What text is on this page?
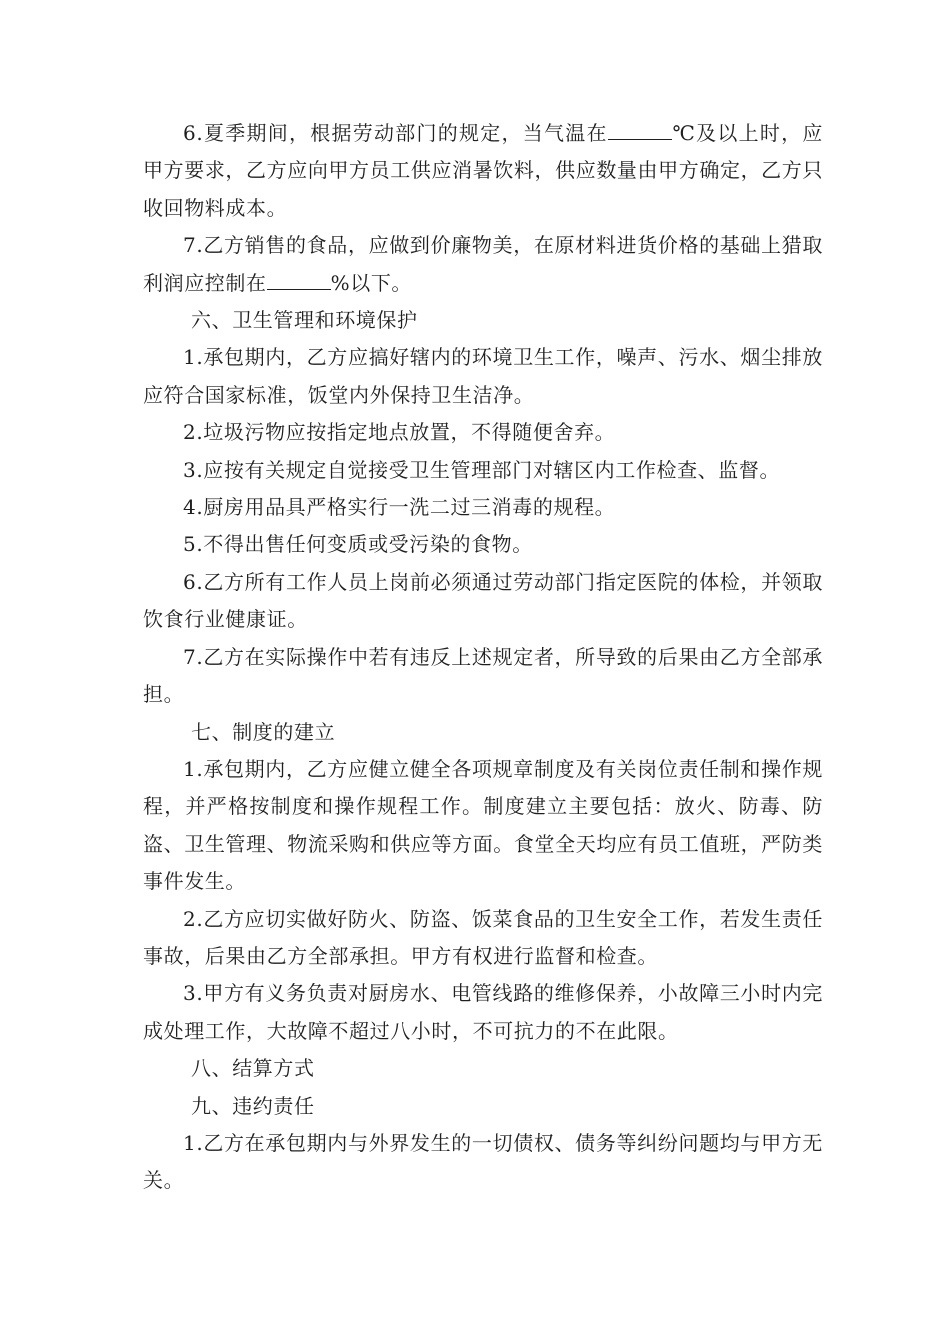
6.夏季期间，根据劳动部门的规定，当气温在	℃及以上时，应甲方要求，乙方应向甲方员工供应消暑饮料，供应数量由甲方确定，乙方只收回物料成本。

7.乙方销售的食品，应做到价廉物美，在原材料进货价格的基础上猎取利润应控制在	%以下。

六、卫生管理和环境保护

1.承包期内，乙方应搞好辖内的环境卫生工作，噪声、污水、烟尘排放应符合国家标准，饭堂内外保持卫生洁净。

2.垃圾污物应按指定地点放置，不得随便舍弃。

3.应按有关规定自觉接受卫生管理部门对辖区内工作检查、监督。

4.厨房用品具严格实行一洗二过三消毒的规程。

5.不得出售任何变质或受污染的食物。

6.乙方所有工作人员上岗前必须通过劳动部门指定医院的体检，并领取饮食行业健康证。

7.乙方在实际操作中若有违反上述规定者，所导致的后果由乙方全部承担。

七、制度的建立

1.承包期内，乙方应健立健全各项规章制度及有关岗位责任制和操作规程，并严格按制度和操作规程工作。制度建立主要包括：放火、防毒、防盗、卫生管理、物流采购和供应等方面。食堂全天均应有员工值班，严防类事件发生。

2.乙方应切实做好防火、防盗、饭菜食品的卫生安全工作，若发生责任事故，后果由乙方全部承担。甲方有权进行监督和检查。

3.甲方有义务负责对厨房水、电管线路的维修保养，小故障三小时内完成处理工作，大故障不超过八小时，不可抗力的不在此限。

八、结算方式

九、违约责任

1.乙方在承包期内与外界发生的一切债权、债务等纠纷问题均与甲方无关。
